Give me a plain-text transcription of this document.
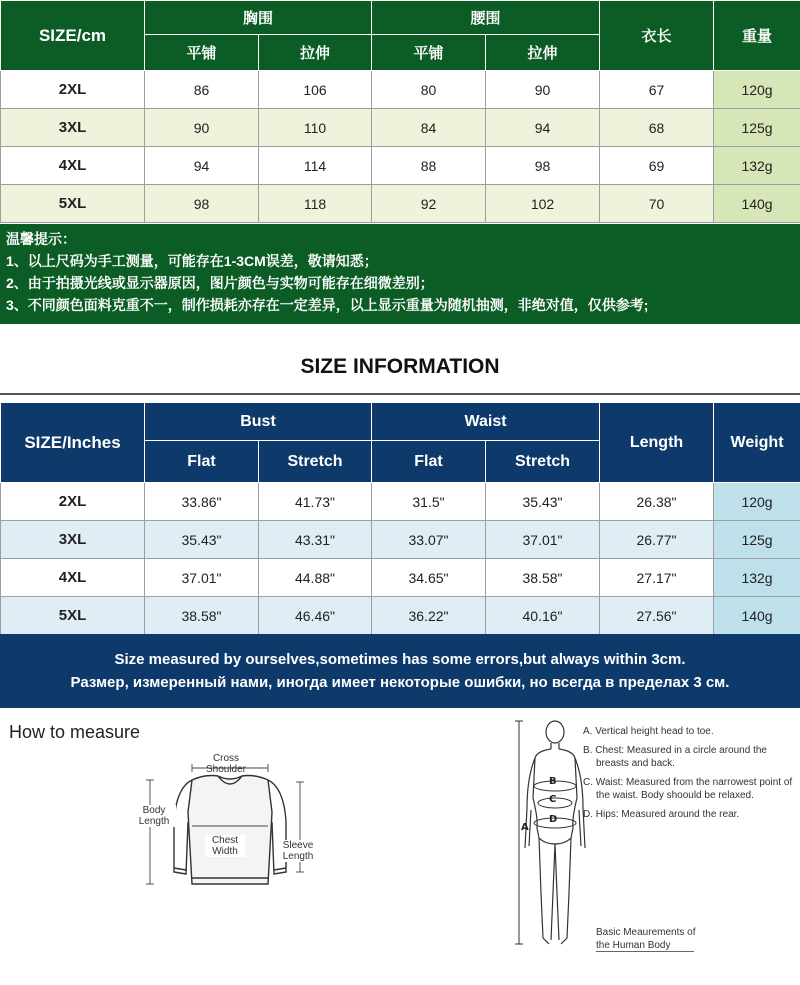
SIZE/cm	胸围		腰围		衣长	重量
	平铺	拉伸	平铺	拉伸		
2XL	86	106	80	90	67	120g
3XL	90	110	84	94	68	125g
4XL	94	114	88	98	69	132g
5XL	98	118	92	102	70	140g
温馨提示：
1、以上尺码为手工测量，可能存在1-3CM误差，敬请知悉；
2、由于拍摄光线或显示器原因，图片颜色与实物可能存在细微差别；
3、不同颜色面料克重不一，制作损耗亦存在一定差异，以上显示重量为随机抽测，非绝对值，仅供参考;
SIZE INFORMATION
SIZE/Inches	Bust		Waist		Length	Weight
	Flat	Stretch	Flat	Stretch		
2XL	33.86"	41.73"	31.5"	35.43"	26.38"	120g
3XL	35.43"	43.31"	33.07"	37.01"	26.77"	125g
4XL	37.01"	44.88"	34.65"	38.58"	27.17"	132g
5XL	38.58"	46.46"	36.22"	40.16"	27.56"	140g
Size measured by ourselves,sometimes has some errors,but always within 3cm.
Размер, измеренный нами, иногда имеет некоторые ошибки, но всегда в пределах 3 см.
How to measure
Cross
Shoulder
Body
Length
Chest
Width
Sleeve
Length
B
C
D
A
A. Vertical height head to toe.
B. Chest: Measured in a circle around the breasts and back.
C. Waist: Measured from the narrowest point of the waist. Body shoould be relaxed.
D. Hips: Measured around the rear.
Basic Meaurements of the Human Body
